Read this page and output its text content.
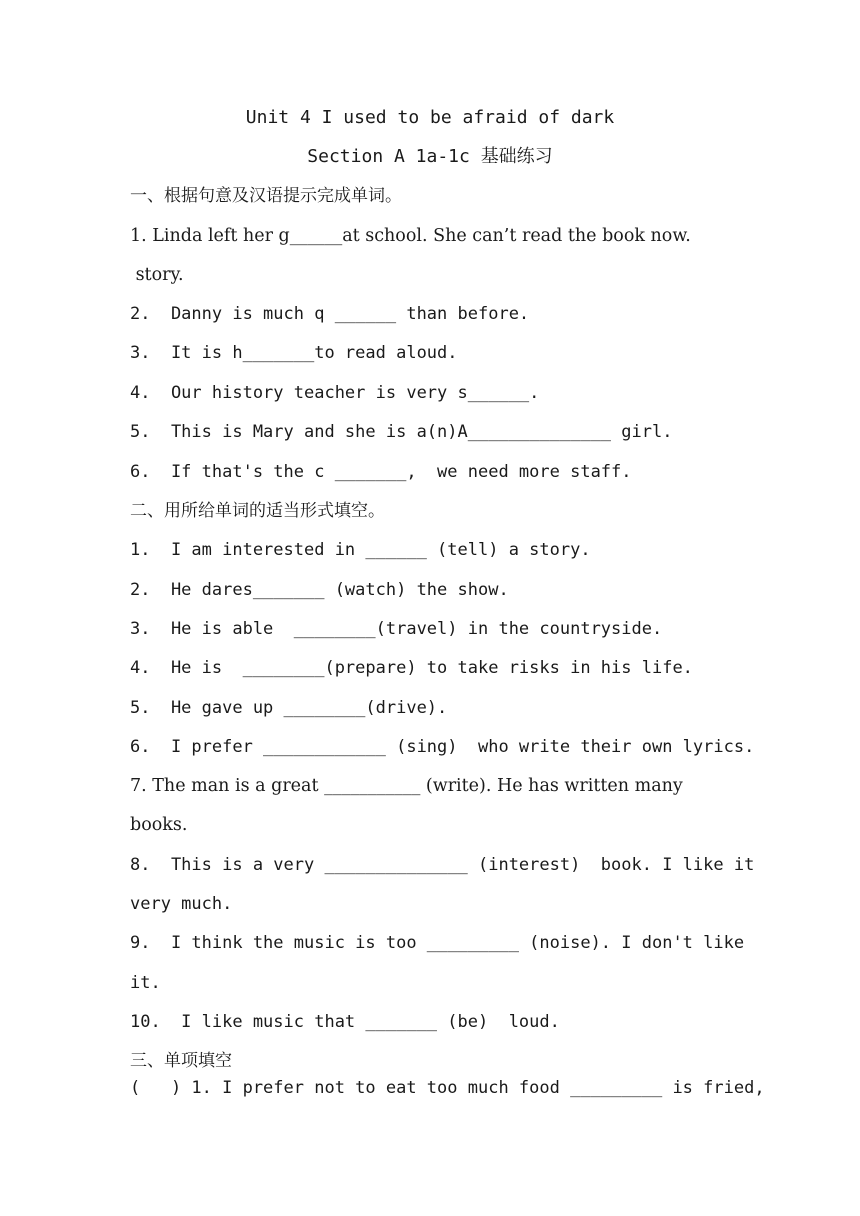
Unit 4 I used to be afraid of dark
Section A 1a-1c 基础练习
一、根据句意及汉语提示完成单词。
1. Linda left her g______at school. She can’t read the book now.
story.
2.  Danny is much q ______ than before.
3.  It is h_______to read aloud.
4.  Our history teacher is very s______.
5.  This is Mary and she is a(n)A______________ girl.
6.  If that's the c _______,  we need more staff.
二、用所给单词的适当形式填空。
1.  I am interested in ______ (tell) a story.
2.  He dares_______ (watch) the show.
3.  He is able  ________(travel) in the countryside.
4.  He is  ________(prepare) to take risks in his life.
5.  He gave up ________(drive).
6.  I prefer ____________ (sing)  who write their own lyrics.
7. The man is a great ___________ (write). He has written many
books.
8.  This is a very ______________ (interest)  book. I like it
very much.
9.  I think the music is too _________ (noise). I don't like
it.
10.  I like music that _______ (be)  loud.
三、单项填空
(   ) 1. I prefer not to eat too much food _________ is fried,
